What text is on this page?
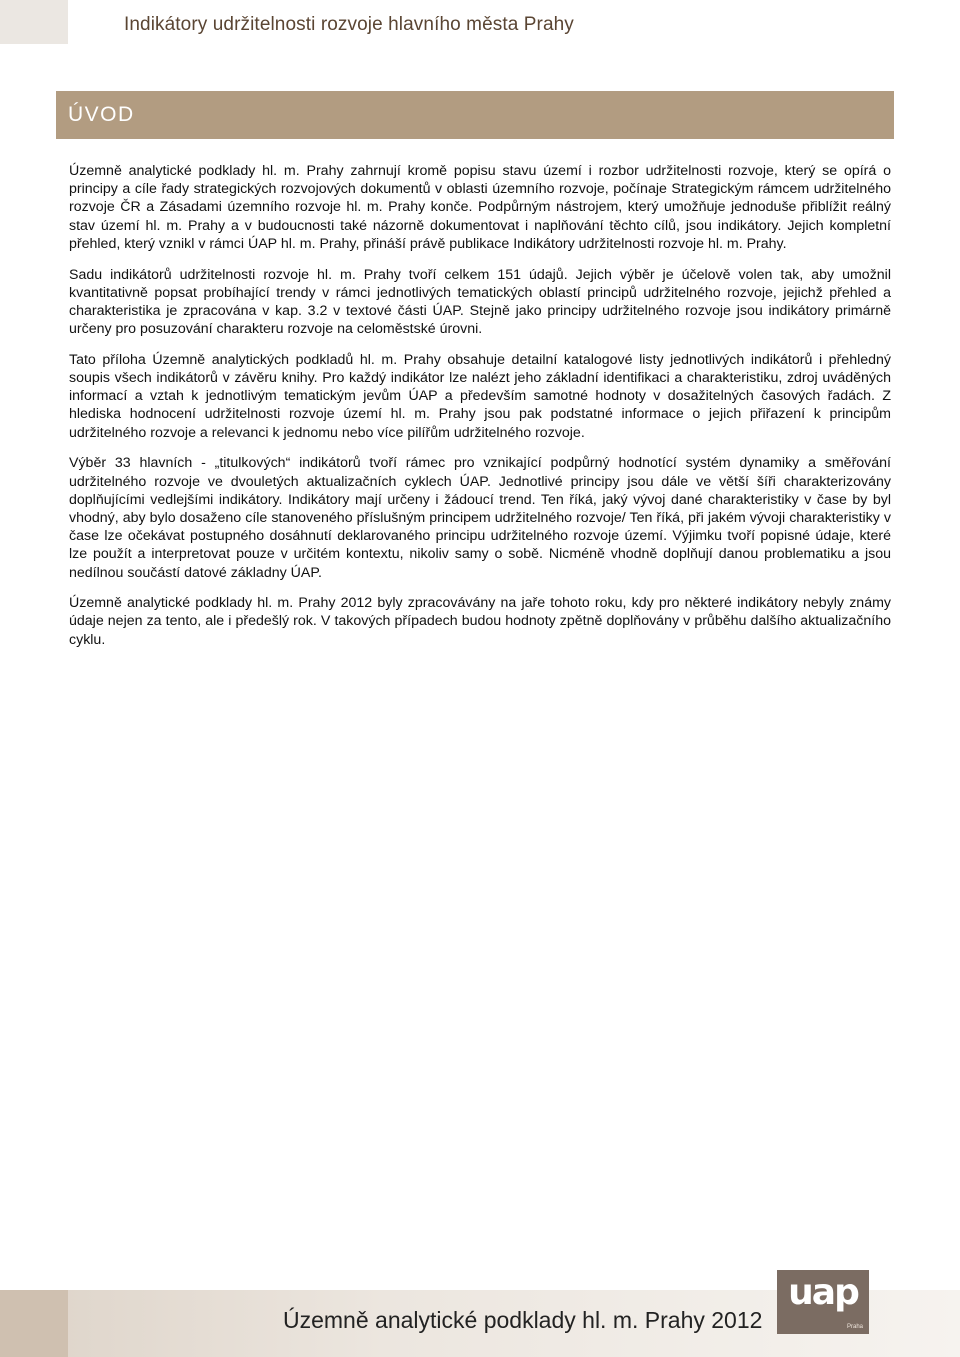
Indikátory udržitelnosti rozvoje hlavního města Prahy
ÚVOD

Územně analytické podklady hl. m. Prahy zahrnují kromě popisu stavu území i rozbor udržitelnosti rozvoje, který se opírá o principy a cíle řady strategických rozvojových dokumentů v oblasti územního rozvoje, počínaje Strategickým rámcem udržitelného rozvoje ČR a Zásadami územního rozvoje hl. m. Prahy konče. Podpůrným nástrojem, který umožňuje jednoduše přiblížit reálný stav území hl. m. Prahy a v budoucnosti také názorně dokumentovat i naplňování těchto cílů, jsou indikátory. Jejich kompletní přehled, který vznikl v rámci ÚAP hl. m. Prahy, přináší právě publikace Indikátory udržitelnosti rozvoje hl. m. Prahy.

Sadu indikátorů udržitelnosti rozvoje hl. m. Prahy tvoří celkem 151 údajů. Jejich výběr je účelově volen tak, aby umožnil kvantitativně popsat probíhající trendy v rámci jednotlivých tematických oblastí principů udržitelného rozvoje, jejichž přehled a charakteristika je zpracována v kap. 3.2 v textové části ÚAP. Stejně jako principy udržitelného rozvoje jsou indikátory primárně určeny pro posuzování charakteru rozvoje na celoměstské úrovni.

Tato příloha Územně analytických podkladů hl. m. Prahy obsahuje detailní katalogové listy jednotlivých indikátorů i přehledný soupis všech indikátorů v závěru knihy. Pro každý indikátor lze nalézt jeho základní identifikaci a charakteristiku, zdroj uváděných informací a vztah k jednotlivým tematickým jevům ÚAP a především samotné hodnoty v dosažitelných časových řadách. Z hlediska hodnocení udržitelnosti rozvoje území hl. m. Prahy jsou pak podstatné informace o jejich přiřazení k principům udržitelného rozvoje a relevanci k jednomu nebo více pilířům udržitelného rozvoje.

Výběr 33 hlavních - „titulkových“ indikátorů tvoří rámec pro vznikající podpůrný hodnotící systém dynamiky a směřování udržitelného rozvoje ve dvouletých aktualizačních cyklech ÚAP. Jednotlivé principy jsou dále ve větší šíři charakterizovány doplňujícími vedlejšími indikátory. Indikátory mají určeny i žádoucí trend. Ten říká, jaký vývoj dané charakteristiky v čase by byl vhodný, aby bylo dosaženo cíle stanoveného příslušným principem udržitelného rozvoje/ Ten říká, při jakém vývoji charakteristiky v čase lze očekávat postupného dosáhnutí deklarovaného principu udržitelného rozvoje území. Výjimku tvoří popisné údaje, které lze použít a interpretovat pouze v určitém kontextu, nikoliv samy o sobě. Nicméně vhodně doplňují danou problematiku a jsou nedílnou součástí datové základny ÚAP.

Územně analytické podklady hl. m. Prahy 2012 byly zpracovávány na jaře tohoto roku, kdy pro některé indikátory nebyly známy údaje nejen za tento, ale i předešlý rok. V takových případech budou hodnoty zpětně doplňovány v průběhu dalšího aktualizačního cyklu.

Územně analytické podklady hl. m. Prahy 2012
uap
Praha
